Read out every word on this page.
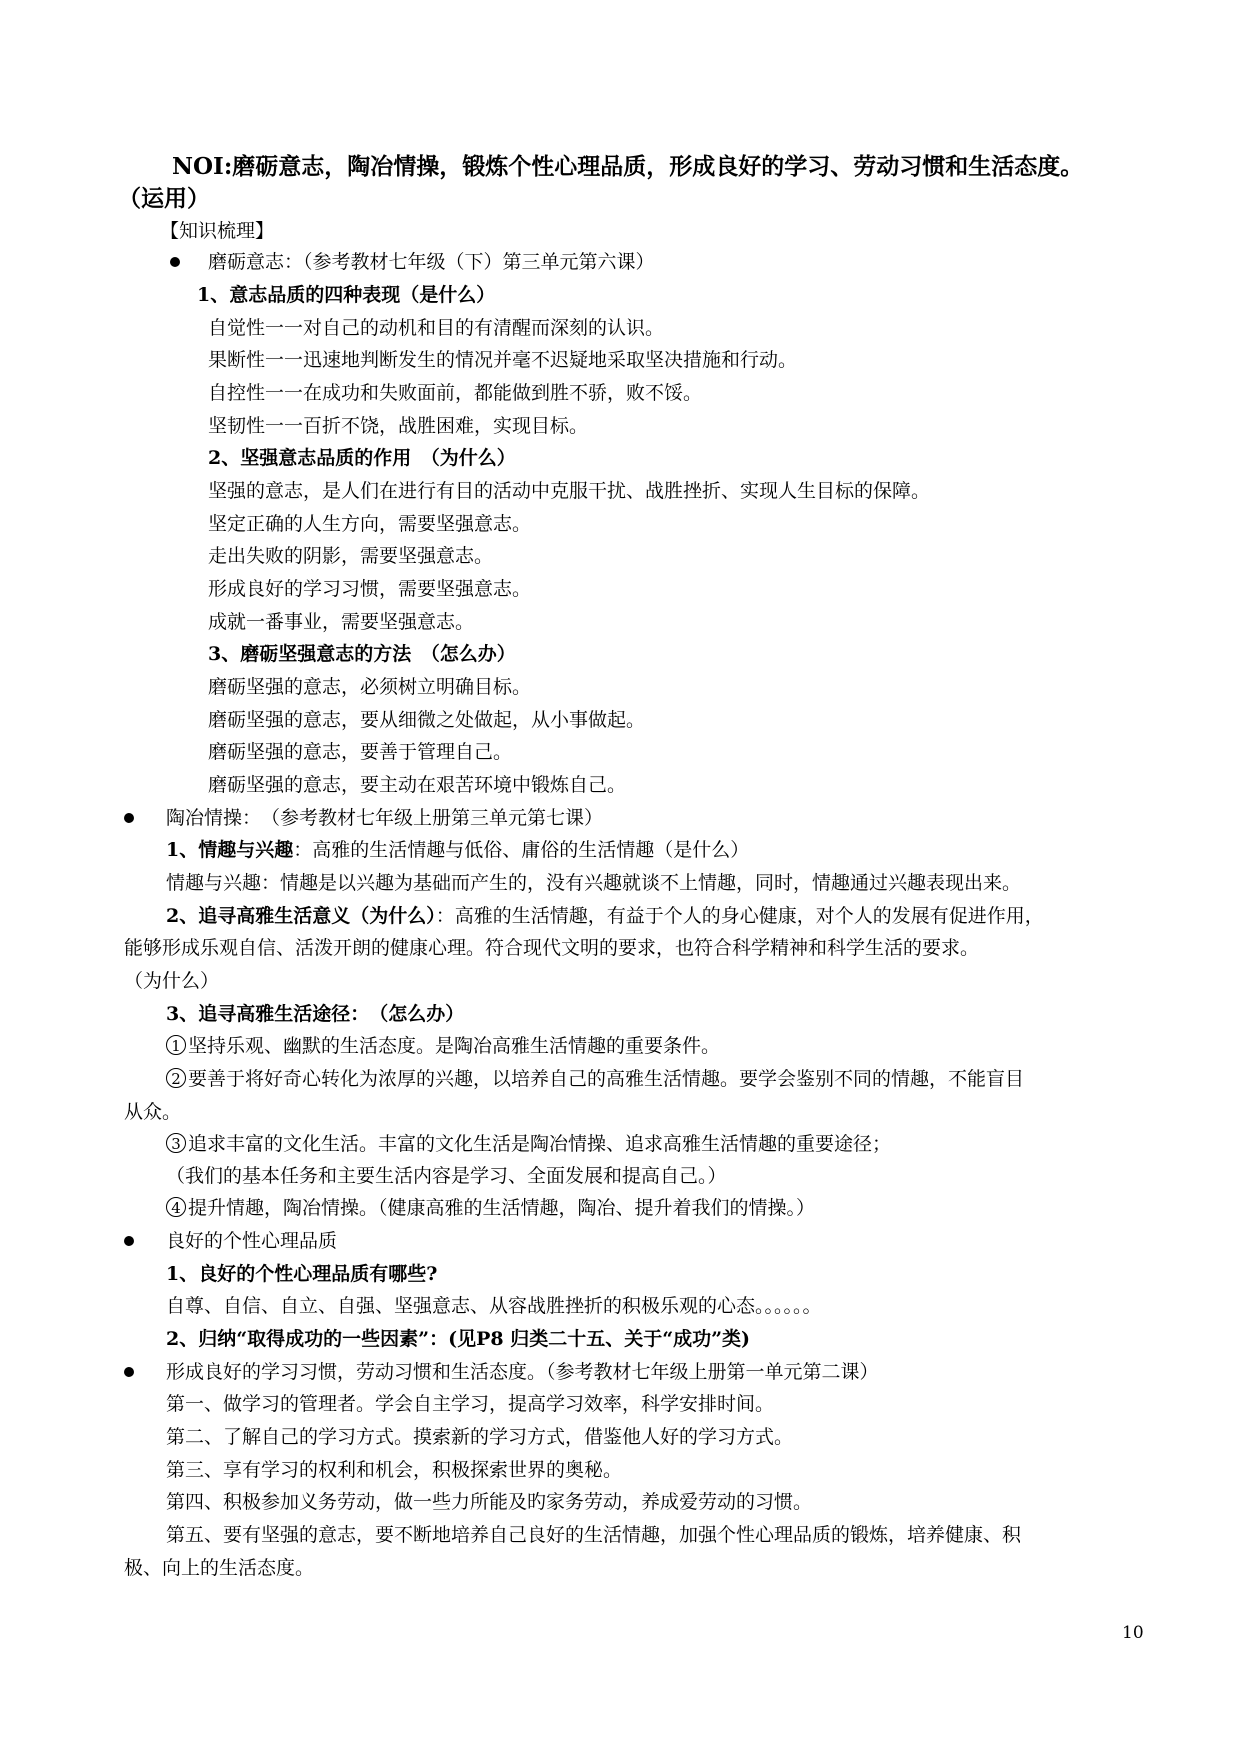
NOI:磨砺意志，陶冶情操，锻炼个性心理品质，形成良好的学习、劳动习惯和生活态度。
（运用）
【知识梳理】
磨砺意志：（参考教材七年级（下）第三单元第六课）
1、意志品质的四种表现（是什么）
自觉性一一对自己的动机和目的有清醒而深刻的认识。
果断性一一迅速地判断发生的情况并毫不迟疑地采取坚决措施和行动。
自控性一一在成功和失败面前，都能做到胜不骄，败不馁。
坚韧性一一百折不饶，战胜困难，实现目标。
2、坚强意志品质的作用　（为什么）
坚强的意志，是人们在进行有目的活动中克服干扰、战胜挫折、实现人生目标的保障。
坚定正确的人生方向，需要坚强意志。
走出失败的阴影，需要坚强意志。
形成良好的学习习惯，需要坚强意志。
成就一番事业，需要坚强意志。
3、磨砺坚强意志的方法　（怎么办）
磨砺坚强的意志，必须树立明确目标。
磨砺坚强的意志，要从细微之处做起，从小事做起。
磨砺坚强的意志，要善于管理自己。
磨砺坚强的意志，要主动在艰苦环境中锻炼自己。
陶冶情操：　（参考教材七年级上册第三单元第七课）
1、情趣与兴趣：高雅的生活情趣与低俗、庸俗的生活情趣（是什么）
情趣与兴趣：情趣是以兴趣为基础而产生的，没有兴趣就谈不上情趣，同时，情趣通过兴趣表现出来。
2、追寻高雅生活意义（为什么）：高雅的生活情趣，有益于个人的身心健康，对个人的发展有促进作用，
能够形成乐观自信、活泼开朗的健康心理。符合现代文明的要求，也符合科学精神和科学生活的要求。
（为什么）
3、追寻高雅生活途径：　（怎么办）
1 坚持乐观、幽默的生活态度。是陶冶高雅生活情趣的重要条件。
2 要善于将好奇心转化为浓厚的兴趣，以培养自己的高雅生活情趣。要学会鉴别不同的情趣，不能盲目
从众。
3 追求丰富的文化生活。丰富的文化生活是陶冶情操、追求高雅生活情趣的重要途径；
（我们的基本任务和主要生活内容是学习、全面发展和提高自己。）
4 提升情趣，陶冶情操。（健康高雅的生活情趣，陶冶、提升着我们的情操。）
良好的个性心理品质
1、良好的个性心理品质有哪些?
自尊、自信、自立、自强、坚强意志、从容战胜挫折的积极乐观的心态。。。。。。
2、归纳“取得成功的一些因素”：(见P8 归类二十五、关于“成功”类)
形成良好的学习习惯，劳动习惯和生活态度。（参考教材七年级上册第一单元第二课）
第一、做学习的管理者。学会自主学习，提高学习效率，科学安排时间。
第二、了解自己的学习方式。摸索新的学习方式，借鉴他人好的学习方式。
第三、享有学习的权利和机会，积极探索世界的奥秘。
第四、积极参加义务劳动，做一些力所能及旳家务劳动，养成爱劳动的习惯。
第五、要有坚强的意志，要不断地培养自己良好的生活情趣，加强个性心理品质的锻炼，培养健康、积
极、向上的生活态度。
10
